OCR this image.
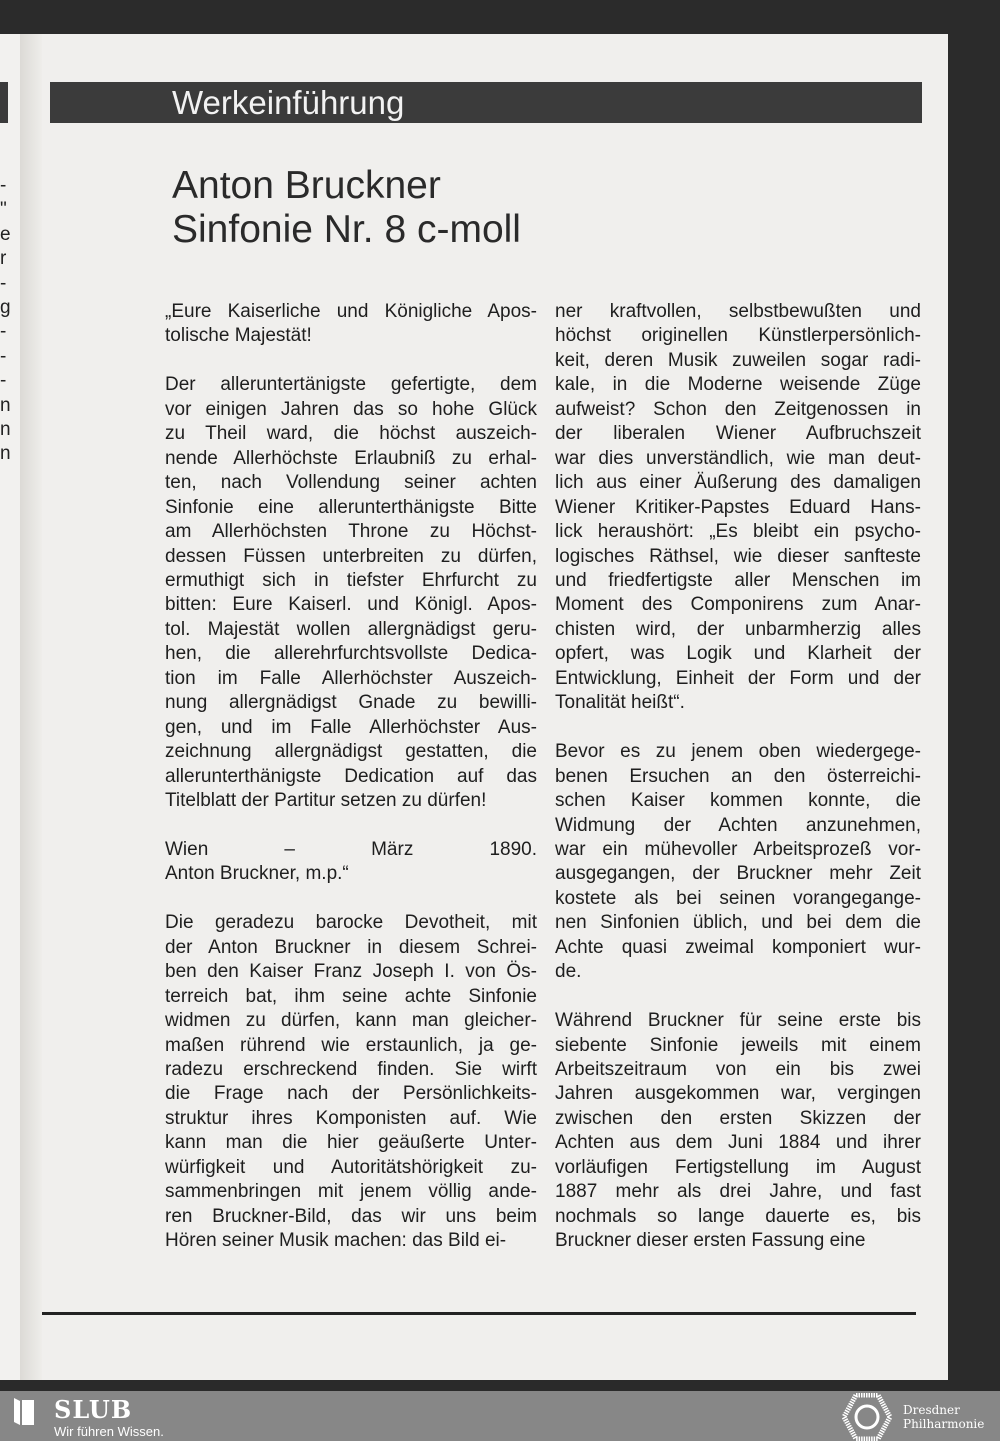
-
"
e
r
-
g
-
-
-
n
n
n
Werkeinführung
Anton Bruckner
Sinfonie Nr. 8 c-moll
„Eure Kaiserliche und Königliche Apos-
tolische Majestät!
Der alleruntertänigste gefertigte, dem
vor einigen Jahren das so hohe Glück
zu Theil ward, die höchst auszeich-
nende Allerhöchste Erlaubniß zu erhal-
ten, nach Vollendung seiner achten
Sinfonie eine allerunterthänigste Bitte
am Allerhöchsten Throne zu Höchst-
dessen Füssen unterbreiten zu dürfen,
ermuthigt sich in tiefster Ehrfurcht zu
bitten: Eure Kaiserl. und Königl. Apos-
tol. Majestät wollen allergnädigst geru-
hen, die allerehrfurchtsvollste Dedica-
tion im Falle Allerhöchster Auszeich-
nung allergnädigst Gnade zu bewilli-
gen, und im Falle Allerhöchster Aus-
zeichnung allergnädigst gestatten, die
allerunterthänigste Dedication auf das
Titelblatt der Partitur setzen zu dürfen!
Wien – März 1890.
Anton Bruckner, m.p.“
Die geradezu barocke Devotheit, mit
der Anton Bruckner in diesem Schrei-
ben den Kaiser Franz Joseph I. von Ös-
terreich bat, ihm seine achte Sinfonie
widmen zu dürfen, kann man gleicher-
maßen rührend wie erstaunlich, ja ge-
radezu erschreckend finden. Sie wirft
die Frage nach der Persönlichkeits-
struktur ihres Komponisten auf. Wie
kann man die hier geäußerte Unter-
würfigkeit und Autoritätshörigkeit zu-
sammenbringen mit jenem völlig ande-
ren Bruckner-Bild, das wir uns beim
Hören seiner Musik machen: das Bild ei-
ner kraftvollen, selbstbewußten und
höchst originellen Künstlerpersönlich-
keit, deren Musik zuweilen sogar radi-
kale, in die Moderne weisende Züge
aufweist? Schon den Zeitgenossen in
der liberalen Wiener Aufbruchszeit
war dies unverständlich, wie man deut-
lich aus einer Äußerung des damaligen
Wiener Kritiker-Papstes Eduard Hans-
lick heraushört: „Es bleibt ein psycho-
logisches Räthsel, wie dieser sanfteste
und friedfertigste aller Menschen im
Moment des Componirens zum Anar-
chisten wird, der unbarmherzig alles
opfert, was Logik und Klarheit der
Entwicklung, Einheit der Form und der
Tonalität heißt“.
Bevor es zu jenem oben wiedergege-
benen Ersuchen an den österreichi-
schen Kaiser kommen konnte, die
Widmung der Achten anzunehmen,
war ein mühevoller Arbeitsprozeß vor-
ausgegangen, der Bruckner mehr Zeit
kostete als bei seinen vorangegange-
nen Sinfonien üblich, und bei dem die
Achte quasi zweimal komponiert wur-
de.
Während Bruckner für seine erste bis
siebente Sinfonie jeweils mit einem
Arbeitszeitraum von ein bis zwei
Jahren ausgekommen war, vergingen
zwischen den ersten Skizzen der
Achten aus dem Juni 1884 und ihrer
vorläufigen Fertigstellung im August
1887 mehr als drei Jahre, und fast
nochmals so lange dauerte es, bis
Bruckner dieser ersten Fassung eine
SLUB
Wir führen Wissen.
Dresdner
Philharmonie
